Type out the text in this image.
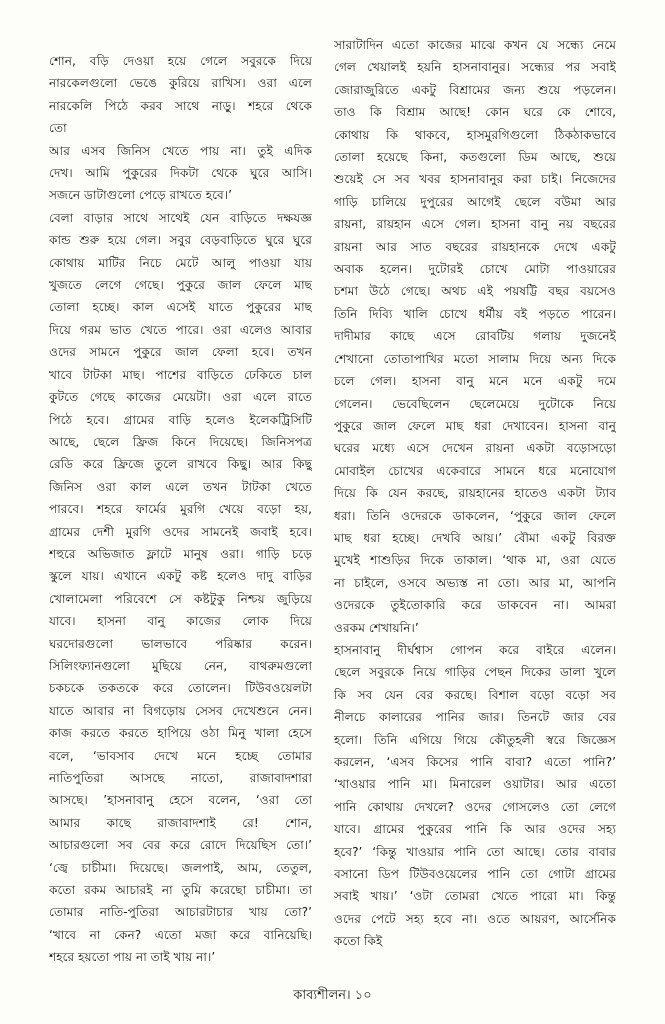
শোন, বড়ি দেওয়া হয়ে গেলে সবুরকে দিয়ে
নারকেলগুলো ভেঙে কুরিয়ে রাখিস। ওরা এলে
নারকেলি পিঠে করব সাথে নাড়ু। শহরে থেকে
তো
আর এসব জিনিস খেতে পায় না। তুই এদিক
দেখ। আমি পুকুরের দিকটা থেকে ঘুরে আসি।
সজনে ডাটাগুলো পেড়ে রাখতে হবে।’
বেলা বাড়ার সাথে সাথেই যেন বাড়িতে দক্ষযজ্ঞ
কান্ড শুরু হয়ে গেল। সবুর বেড়বাড়িতে ঘুরে ঘুরে
কোথায় মাটির নিচে মেটে আলু পাওয়া যায়
খুজতে লেগে গেছে। পুকুরে জাল ফেলে মাছ
তোলা হচ্ছে। কাল এসেই যাতে পুকুরের মাছ
দিয়ে গরম ভাত খেতে পারে। ওরা এলেও আবার
ওদের সামনে পুকুরে জাল ফেলা হবে। তখন
খাবে টাটকা মাছ। পাশের বাড়িতে ঢেকিতে চাল
কুটতে গেছে কাজের মেয়েটা। ওরা এলে রাতে
পিঠে হবে। গ্রামের বাড়ি হলেও ইলেকট্রিসিটি
আছে, ছেলে ফ্রিজ কিনে দিয়েছে। জিনিসপত্র
রেডি করে ফ্রিজে তুলে রাখবে কিছু। আর কিছু
জিনিস ওরা কাল এলে তখন টাটকা খেতে
পারবে। শহরে ফার্মের মুরগি খেয়ে বড়ো হয়,
গ্রামের দেশী মুরগি ওদের সামনেই জবাই হবে।
শহুরে অভিজাত ফ্লাটে মানুষ ওরা। গাড়ি চড়ে
স্কুলে যায়। এখানে একটু কষ্ট হলেও দাদু বাড়ির
খোলামেলা পরিবেশে সে কষ্টটুকু নিশ্চয় জুড়িয়ে
যাবে। হাসনা বানু কাজের লোক দিয়ে
ঘরদোরগুলো ভালভাবে পরিষ্কার করেন।
সিলিংফ্যানগুলো মুছিয়ে নেন, বাথরুমগুলো
চকচকে তকতকে করে তোলেন। টিউবওয়েলটা
যাতে আবার না বিগড়োয় সেসব দেখেশুনে নেন।
কাজ করতে করতে হাপিয়ে ওঠা মিনু খালা হেসে
বলে, ‘ভাবসাব দেখে মনে হচ্ছে তোমার
নাতিপুতিরা আসছে নাতো, রাজাবাদশারা
আসছে। ’হাসনাবানু হেসে বলেন, ‘ওরা তো
আমার কাছে রাজাবাদশাই রে! শোন,
আচারগুলো সব বের করে রোদে দিয়েছিস তো।’
‘জ্বে চাচীমা। দিয়েছে। জলপাই, আম, তেতুল,
কতো রকম আচারই না তুমি করেছো চাচীমা। তা
তোমার নাতি-পুতিরা আচারটাচার খায় তো?’
‘খাবে না কেন? এতো মজা করে বানিয়েছি।
শহরে হয়তো পায় না তাই খায় না।’
সারাটাদিন এতো কাজের মাঝে কখন যে সন্ধ্যে নেমে
গেল খেয়ালই হয়নি হাসনাবানুর। সন্ধ্যের পর সবাই
জোরাজুরিতে একটু বিশ্রামের জন্য শুয়ে পড়লেন।
তাও কি বিশ্রাম আছে! কোন ঘরে কে শোবে,
কোথায় কি থাকবে, হাসমুরগিগুলো ঠিকঠাকভাবে
তোলা হয়েছে কিনা, কতগুলো ডিম আছে, শুয়ে
শুয়েই সে সব খবর হাসনাবানুর করা চাই। নিজেদের
গাড়ি চালিয়ে দুপুরের আগেই ছেলে বউমা আর
রায়না, রায়হান এসে গেল। হাসনা বানু নয় বছরের
রায়না আর সাত বছরের রায়হানকে দেখে একটু
অবাক হলেন। দুটোরই চোখে মোটা পাওয়ারের
চশমা উঠে গেছে। অথচ এই পয়ষট্টি বছর বয়সেও
তিনি দিব্যি খালি চোখে ধর্মীয় বই পড়তে পারেন।
দাদীমার কাছে এসে রোবটিয় গলায় দুজনেই
শেখানো তোতাপাখির মতো সালাম দিয়ে অন্য দিকে
চলে গেল। হাসনা বানু মনে মনে একটু দমে
গেলেন। ভেবেছিলেন ছেলেমেয়ে দুটোকে নিয়ে
পুকুরে জাল ফেলে মাছ ধরা দেখাবেন। হাসনা বানু
ঘরের মধ্যে এসে দেখেন রায়না একটা বড়োসড়ো
মোবাইল চোখের একেবারে সামনে ধরে মনোযোগ
দিয়ে কি যেন করছে, রায়হানের হাতেও একটা ট্যাব
ধরা। তিনি ওদেরকে ডাকলেন, ‘পুকুরে জাল ফেলে
মাছ ধরা হচ্ছে। দেখবি আয়।’ বৌমা একটু বিরক্ত
মুখেই শাশুড়ির দিকে তাকাল। ‘থাক মা, ওরা যেতে
না চাইলে, ওসবে অভ্যস্ত না তো। আর মা, আপনি
ওদেরকে তুইতোকারি করে ডাকবেন না। আমরা
ওরকম শেখায়নি।’
হাসনাবানু দীর্ঘশ্বাস গোপন করে বাইরে এলেন।
ছেলে সবুরকে নিয়ে গাড়ির পেছন দিকের ডালা খুলে
কি সব যেন বের করছে। বিশাল বড়ো বড়ো সব
নীলচে কালারের পানির জার। তিনটে জার বের
হলো। তিনি এগিয়ে গিয়ে কৌতুহলী স্বরে জিজ্ঞেস
করলেন, ‘এসব কিসের পানি বাবা? এতো পানি?’
‘খাওয়ার পানি মা। মিনারেল ওয়াটার। আর এতো
পানি কোথায় দেখলে? ওদের গোসলেও তো লেগে
যাবে। গ্রামের পুকুরের পানি কি আর ওদের সহ্য
হবে?’ ‘কিন্তু খাওয়ার পানি তো আছে। তোর বাবার
বসানো ডিপ টিউবওয়েলের পানি তো গোটা গ্রামের
সবাই খায়।’ ‘ওটা তোমরা খেতে পারো মা। কিন্তু
ওদের পেটে সহ্য হবে না। ওতে আয়রণ, আর্সেনিক
কতো কিই
কাব্যশীলন। ১০
